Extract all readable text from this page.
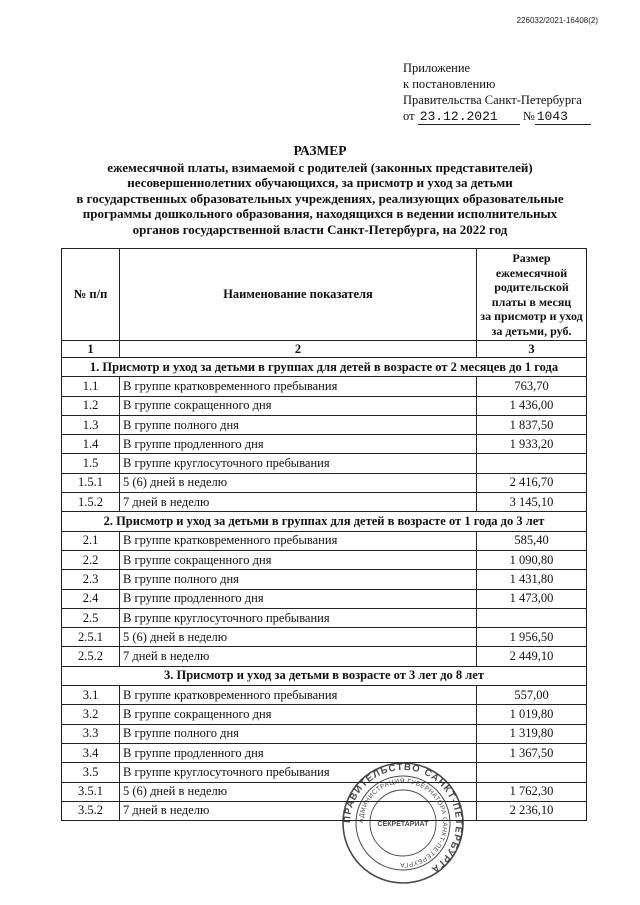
226032/2021-16408(2)
Приложение
к постановлению
Правительства Санкт-Петербурга
от 23.12.2021 № 1043
РАЗМЕР
ежемесячной платы, взимаемой с родителей (законных представителей)
несовершеннолетних обучающихся, за присмотр и уход за детьми
в государственных образовательных учреждениях, реализующих образовательные
программы дошкольного образования, находящихся в ведении исполнительных
органов государственной власти Санкт-Петербурга, на 2022 год
№ п/п	Наименование показателя	Размер ежемесячной
родительской
платы в месяц
за присмотр и уход
за детьми, руб.

1	2	3
1. Присмотр и уход за детьми в группах для детей в возрасте от 2 месяцев до 1 года		
1.1	В группе кратковременного пребывания	763,70
1.2	В группе сокращенного дня	1 436,00
1.3	В группе полного дня	1 837,50
1.4	В группе продленного дня	1 933,20
1.5	В группе круглосуточного пребывания	
1.5.1	5 (6) дней в неделю	2 416,70
1.5.2	7 дней в неделю	3 145,10
2. Присмотр и уход за детьми в группах для детей в возрасте от 1 года до 3 лет		
2.1	В группе кратковременного пребывания	585,40
2.2	В группе сокращенного дня	1 090,80
2.3	В группе полного дня	1 431,80
2.4	В группе продленного дня	1 473,00
2.5	В группе круглосуточного пребывания	
2.5.1	5 (6) дней в неделю	1 956,50
2.5.2	7 дней в неделю	2 449,10
3. Присмотр и уход за детьми в возрасте от 3 лет до 8 лет		
3.1	В группе кратковременного пребывания	557,00
3.2	В группе сокращенного дня	1 019,80
3.3	В группе полного дня	1 319,80
3.4	В группе продленного дня	1 367,50
3.5	В группе круглосуточного пребывания	
3.5.1	5 (6) дней в неделю	1 762,30
3.5.2	7 дней в неделю	2 236,10
ПРАВИТЕЛЬСТВО САНКТ-ПЕТЕРБУРГА
АДМИНИСТРАЦИЯ ГУБЕРНАТОРА САНКТ-ПЕТЕРБУРГА
СЕКРЕТАРИАТ
